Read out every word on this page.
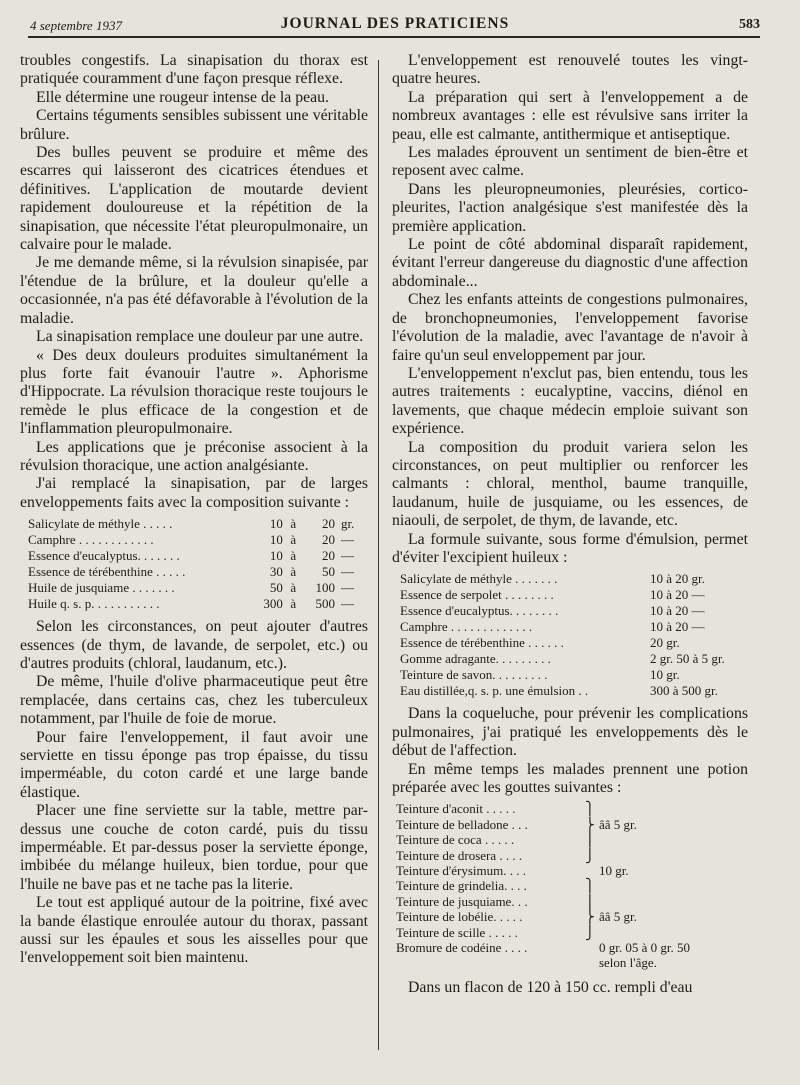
4 septembre 1937	JOURNAL DES PRATICIENS	583

troubles congestifs. La sinapisation du thorax est pratiquée couramment d'une façon presque réflexe.

Elle détermine une rougeur intense de la peau.

Certains téguments sensibles subissent une véritable brûlure.

Des bulles peuvent se produire et même des escarres qui laisseront des cicatrices étendues et définitives. L'application de moutarde devient rapidement douloureuse et la répétition de la sinapisation, que nécessite l'état pleuropulmonaire, un calvaire pour le malade.

Je me demande même, si la révulsion sinapisée, par l'étendue de la brûlure, et la douleur qu'elle a occasionnée, n'a pas été défavorable à l'évolution de la maladie.

La sinapisation remplace une douleur par une autre.

« Des deux douleurs produites simultanément la plus forte fait évanouir l'autre ». Aphorisme d'Hippocrate. La révulsion thoracique reste toujours le remède le plus efficace de la congestion et de l'inflammation pleuropulmonaire.

Les applications que je préconise associent à la révulsion thoracique, une action analgésiante.

J'ai remplacé la sinapisation, par de larges enveloppements faits avec la composition suivante :

Salicylate de méthyle . . . . .	10	à	20	gr.
Camphre . . . . . . . . . . . .	10	à	20	—
Essence d'eucalyptus. . . . . . .	10	à	20	—
Essence de térébenthine . . . . .	30	à	50	—
Huile de jusquiame . . . . . . .	50	à	100	—
Huile q. s. p. . . . . . . . . . .	300	à	500	—

Selon les circonstances, on peut ajouter d'autres essences (de thym, de lavande, de serpolet, etc.) ou d'autres produits (chloral, laudanum, etc.).

De même, l'huile d'olive pharmaceutique peut être remplacée, dans certains cas, chez les tuberculeux notamment, par l'huile de foie de morue.

Pour faire l'enveloppement, il faut avoir une serviette en tissu éponge pas trop épaisse, du tissu imperméable, du coton cardé et une large bande élastique.

Placer une fine serviette sur la table, mettre par-dessus une couche de coton cardé, puis du tissu imperméable. Et par-dessus poser la serviette éponge, imbibée du mélange huileux, bien tordue, pour que l'huile ne bave pas et ne tache pas la literie.

Le tout est appliqué autour de la poitrine, fixé avec la bande élastique enroulée autour du thorax, passant aussi sur les épaules et sous les aisselles pour que l'enveloppement soit bien maintenu.

L'enveloppement est renouvelé toutes les vingt-quatre heures.

La préparation qui sert à l'enveloppement a de nombreux avantages : elle est révulsive sans irriter la peau, elle est calmante, antithermique et antiseptique.

Les malades éprouvent un sentiment de bien-être et reposent avec calme.

Dans les pleuropneumonies, pleurésies, cortico-pleurites, l'action analgésique s'est manifestée dès la première application.

Le point de côté abdominal disparaît rapidement, évitant l'erreur dangereuse du diagnostic d'une affection abdominale...

Chez les enfants atteints de congestions pulmonaires, de bronchopneumonies, l'enveloppement favorise l'évolution de la maladie, avec l'avantage de n'avoir à faire qu'un seul enveloppement par jour.

L'enveloppement n'exclut pas, bien entendu, tous les autres traitements : eucalyptine, vaccins, diénol en lavements, que chaque médecin emploie suivant son expérience.

La composition du produit variera selon les circonstances, on peut multiplier ou renforcer les calmants : chloral, menthol, baume tranquille, laudanum, huile de jusquiame, ou les essences, de niaouli, de serpolet, de thym, de lavande, etc.

La formule suivante, sous forme d'émulsion, permet d'éviter l'excipient huileux :

Salicylate de méthyle . . . . . . .	10 à 20 gr.
Essence de serpolet . . . . . . . .	10 à 20 —
Essence d'eucalyptus. . . . . . . .	10 à 20 —
Camphre . . . . . . . . . . . . .	10 à 20 —
Essence de térébenthine . . . . . .	20 gr.
Gomme adragante. . . . . . . . .	2 gr. 50 à 5 gr.
Teinture de savon. . . . . . . . .	10 gr.
Eau distillée,q. s. p. une émulsion . .	300 à 500 gr.

Dans la coqueluche, pour prévenir les complications pulmonaires, j'ai pratiqué les enveloppements dès le début de l'affection.

En même temps les malades prennent une potion préparée avec les gouttes suivantes :

Teinture d'aconit . . . . .	⎫	
Teinture de belladone . . .	⎬	ââ 5 gr.
Teinture de coca . . . . .	⎪	
Teinture de drosera . . . .	⎭	
Teinture d'érysimum. . . .		10 gr.
Teinture de grindelia. . . .	⎫	
Teinture de jusquiame. . .	⎪	
Teinture de lobélie. . . . .	⎬	ââ 5 gr.
Teinture de scille . . . . .	⎭	
Bromure de codéine . . . .		0 gr. 05 à 0 gr. 50
		selon l'âge.

Dans un flacon de 120 à 150 cc. rempli d'eau
